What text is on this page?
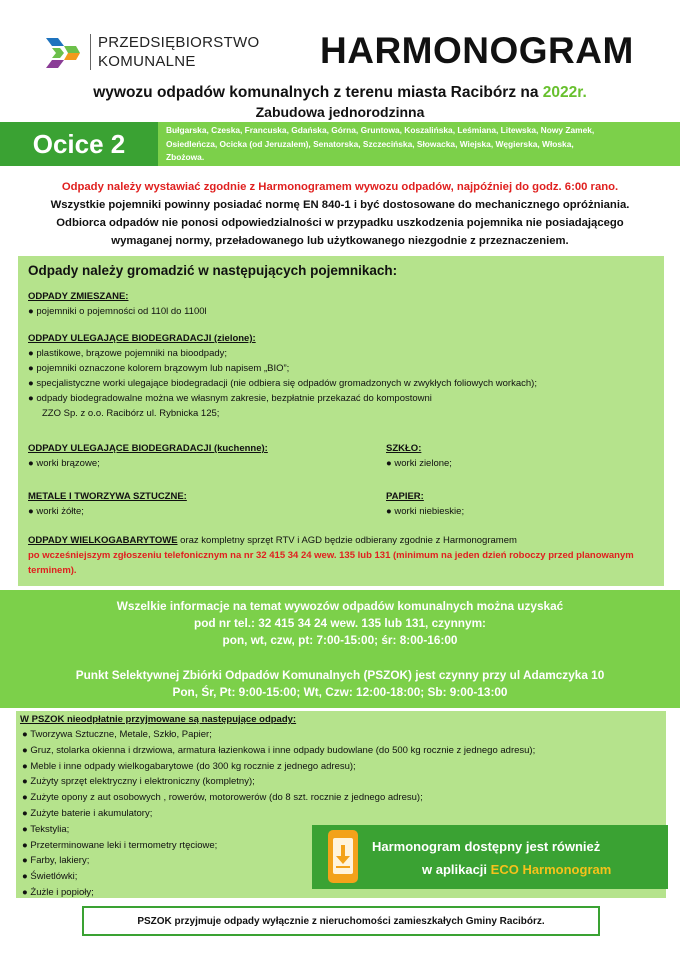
PRZEDSIĘBIORSTWO
KOMUNALNE	HARMONOGRAM
wywozu odpadów komunalnych z terenu miasta Racibórz na 2022r.
Zabudowa jednorodzinna
Ocice 2	Bułgarska, Czeska, Francuska, Gdańska, Górna, Gruntowa, Koszalińska, Leśmiana, Litewska, Nowy Zamek,
Osiedleńcza, Ocicka (od Jeruzalem), Senatorska, Szczecińska, Słowacka, Wiejska, Węgierska, Włoska,
Zbożowa.
Odpady należy wystawiać zgodnie z Harmonogramem wywozu odpadów, najpóźniej do godz. 6:00 rano.
Wszystkie pojemniki powinny posiadać normę EN 840-1 i być dostosowane do mechanicznego opróżniania.
Odbiorca odpadów nie ponosi odpowiedzialności w przypadku uszkodzenia pojemnika nie posiadającego
wymaganej normy, przeładowanego lub użytkowanego niezgodnie z przeznaczeniem.
Odpady należy gromadzić w następujących pojemnikach:
ODPADY ZMIESZANE:
● pojemniki o pojemności od 110l do 1100l
ODPADY ULEGAJĄCE BIODEGRADACJI (zielone):
● plastikowe, brązowe pojemniki na bioodpady;
● pojemniki oznaczone kolorem brązowym lub napisem „BIO”;
● specjalistyczne worki ulegające biodegradacji (nie odbiera się odpadów gromadzonych w zwykłych foliowych workach);
● odpady biodegradowalne można we własnym zakresie, bezpłatnie przekazać do kompostowni
ZZO Sp. z o.o. Racibórz ul. Rybnicka 125;
ODPADY ULEGAJĄCE BIODEGRADACJI (kuchenne):
● worki brązowe;
SZKŁO:
● worki zielone;
METALE I TWORZYWA SZTUCZNE:
● worki żółte;
PAPIER:
● worki niebieskie;
ODPADY WIELKOGABARYTOWE oraz kompletny sprzęt RTV i AGD będzie odbierany zgodnie z Harmonogramem
po wcześniejszym zgłoszeniu telefonicznym na nr 32 415 34 24 wew. 135 lub 131 (minimum na jeden dzień roboczy przed planowanym terminem).
Wszelkie informacje na temat wywozów odpadów komunalnych można uzyskać
pod nr tel.: 32 415 34 24 wew. 135 lub 131, czynnym:
pon, wt, czw, pt: 7:00-15:00; śr: 8:00-16:00
Punkt Selektywnej Zbiórki Odpadów Komunalnych (PSZOK) jest czynny przy ul Adamczyka 10
Pon, Śr, Pt: 9:00-15:00; Wt, Czw: 12:00-18:00; Sb: 9:00-13:00
W PSZOK nieodpłatnie przyjmowane są następujące odpady:
● Tworzywa Sztuczne, Metale, Szkło, Papier;
● Gruz, stolarka okienna i drzwiowa, armatura łazienkowa i inne odpady budowlane (do 500 kg rocznie z jednego adresu);
● Meble i inne odpady wielkogabarytowe (do 300 kg rocznie z jednego adresu);
● Zużyty sprzęt elektryczny i elektroniczny (kompletny);
● Zużyte opony z aut osobowych , rowerów, motorowerów (do 8 szt. rocznie z jednego adresu);
● Zużyte baterie i akumulatory;
● Tekstylia;
● Przeterminowane leki i termometry rtęciowe;
● Farby, lakiery;
● Świetlówki;
● Żużle i popioły;
Harmonogram dostępny jest również
w aplikacji ECO Harmonogram
PSZOK przyjmuje odpady wyłącznie z nieruchomości zamieszkałych Gminy Racibórz.
